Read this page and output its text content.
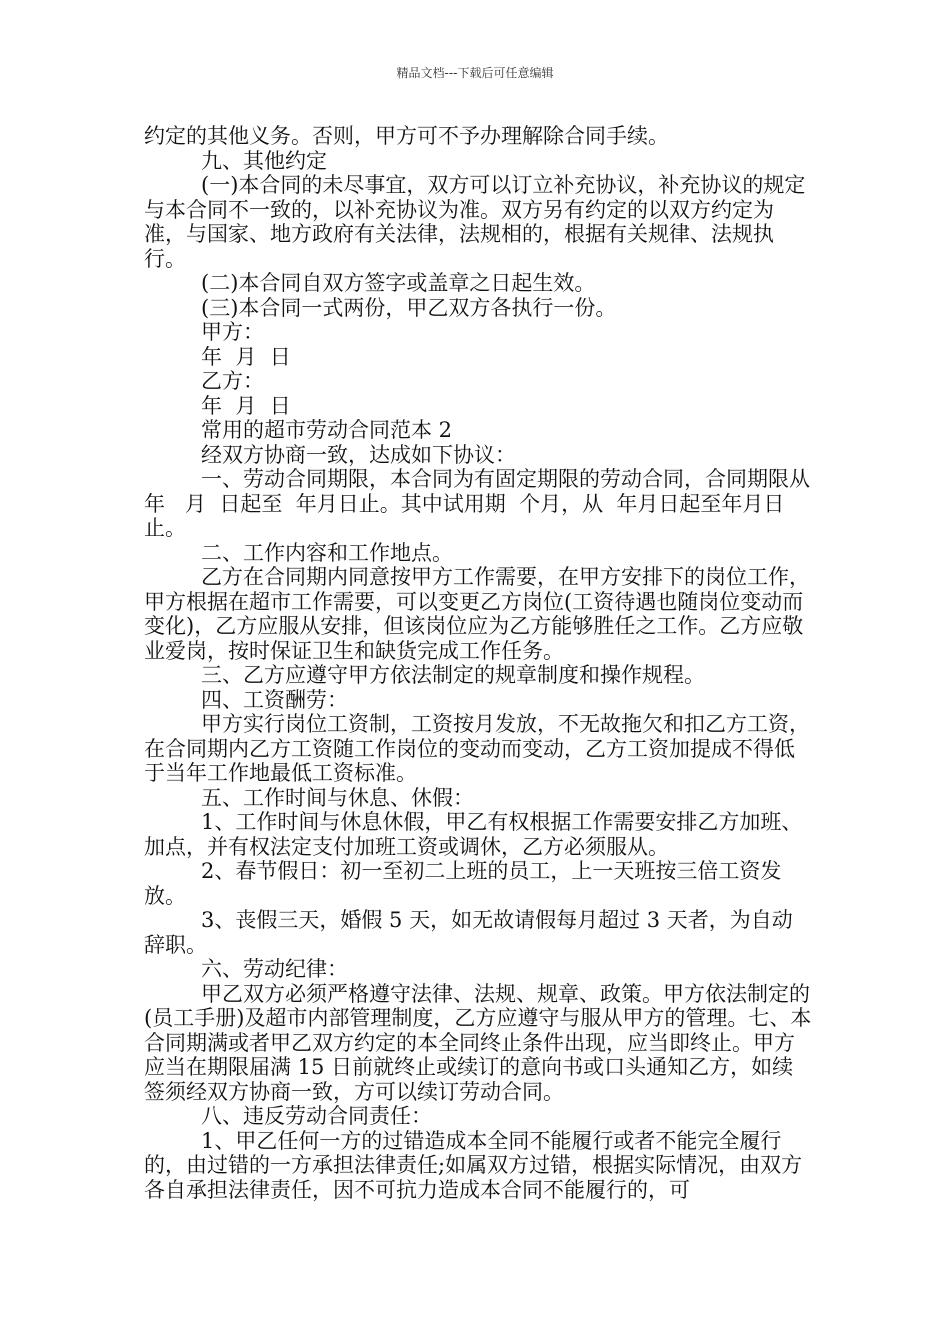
精品文档---下载后可任意编辑

约定的其他义务。否则，甲方可不予办理解除合同手续。

九、其他约定

(一)本合同的未尽事宜，双方可以订立补充协议，补充协议的规定与本合同不一致的，以补充协议为准。双方另有约定的以双方约定为准，与国家、地方政府有关法律，法规相的，根据有关规律、法规执行。

(二)本合同自双方签字或盖章之日起生效。

(三)本合同一式两份，甲乙双方各执行一份。

甲方：

年  月  日

乙方：

年  月  日

常用的超市劳动合同范本 2

经双方协商一致，达成如下协议：

一、劳动合同期限，本合同为有固定期限的劳动合同，合同期限从  年   月  日起至  年月日止。其中试用期  个月，从  年月日起至年月日止。

二、工作内容和工作地点。

乙方在合同期内同意按甲方工作需要，在甲方安排下的岗位工作，甲方根据在超市工作需要，可以变更乙方岗位(工资待遇也随岗位变动而变化)，乙方应服从安排，但该岗位应为乙方能够胜任之工作。乙方应敬业爱岗，按时保证卫生和缺货完成工作任务。

三、乙方应遵守甲方依法制定的规章制度和操作规程。

四、工资酬劳：

甲方实行岗位工资制，工资按月发放，不无故拖欠和扣乙方工资，在合同期内乙方工资随工作岗位的变动而变动，乙方工资加提成不得低于当年工作地最低工资标准。

五、工作时间与休息、休假：

1、工作时间与休息休假，甲乙有权根据工作需要安排乙方加班、加点，并有权法定支付加班工资或调休，乙方必须服从。

2、春节假日：初一至初二上班的员工，上一天班按三倍工资发放。

3、丧假三天，婚假 5 天，如无故请假每月超过 3 天者，为自动辞职。

六、劳动纪律：

甲乙双方必须严格遵守法律、法规、规章、政策。甲方依法制定的(员工手册)及超市内部管理制度，乙方应遵守与服从甲方的管理。七、本合同期满或者甲乙双方约定的本全同终止条件出现，应当即终止。甲方应当在期限届满 15 日前就终止或续订的意向书或口头通知乙方，如续签须经双方协商一致，方可以续订劳动合同。

八、违反劳动合同责任：

1、甲乙任何一方的过错造成本全同不能履行或者不能完全履行的，由过错的一方承担法律责任;如属双方过错，根据实际情况，由双方各自承担法律责任，因不可抗力造成本合同不能履行的，可
